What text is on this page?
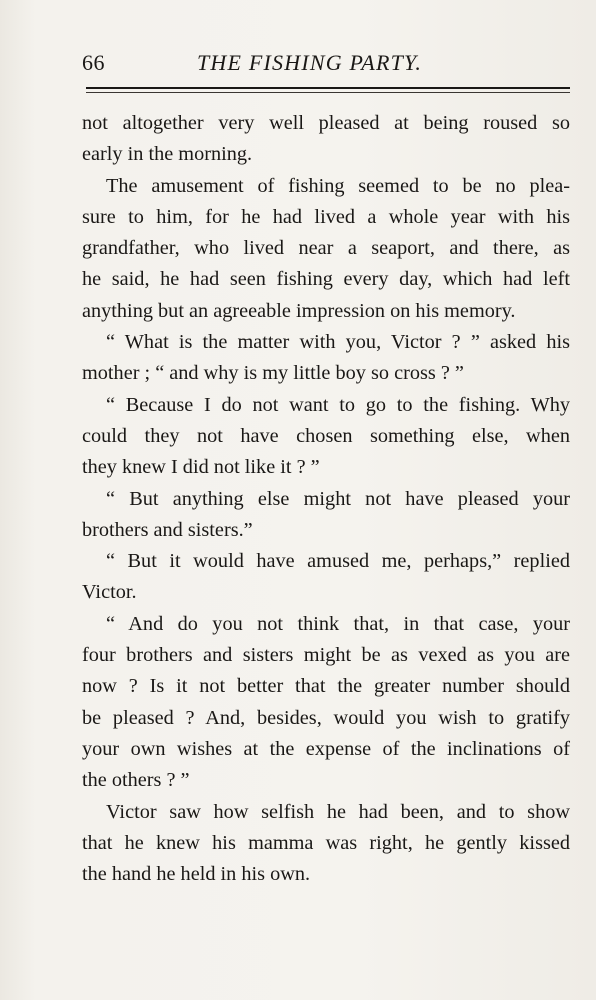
66	THE FISHING PARTY.
not altogether very well pleased at being roused so
early in the morning.
The amusement of fishing seemed to be no plea-
sure to him, for he had lived a whole year with his
grandfather, who lived near a seaport, and there, as
he said, he had seen fishing every day, which had left
anything but an agreeable impression on his memory.
“ What is the matter with you, Victor ? ” asked his
mother ; “ and why is my little boy so cross ? ”
“ Because I do not want to go to the fishing. Why
could they not have chosen something else, when
they knew I did not like it ? ”
“ But anything else might not have pleased your
brothers and sisters.”
“ But it would have amused me, perhaps,” replied
Victor.
“ And do you not think that, in that case, your
four brothers and sisters might be as vexed as you are
now ? Is it not better that the greater number should
be pleased ? And, besides, would you wish to gratify
your own wishes at the expense of the inclinations of
the others ? ”
Victor saw how selfish he had been, and to show
that he knew his mamma was right, he gently kissed
the hand he held in his own.
